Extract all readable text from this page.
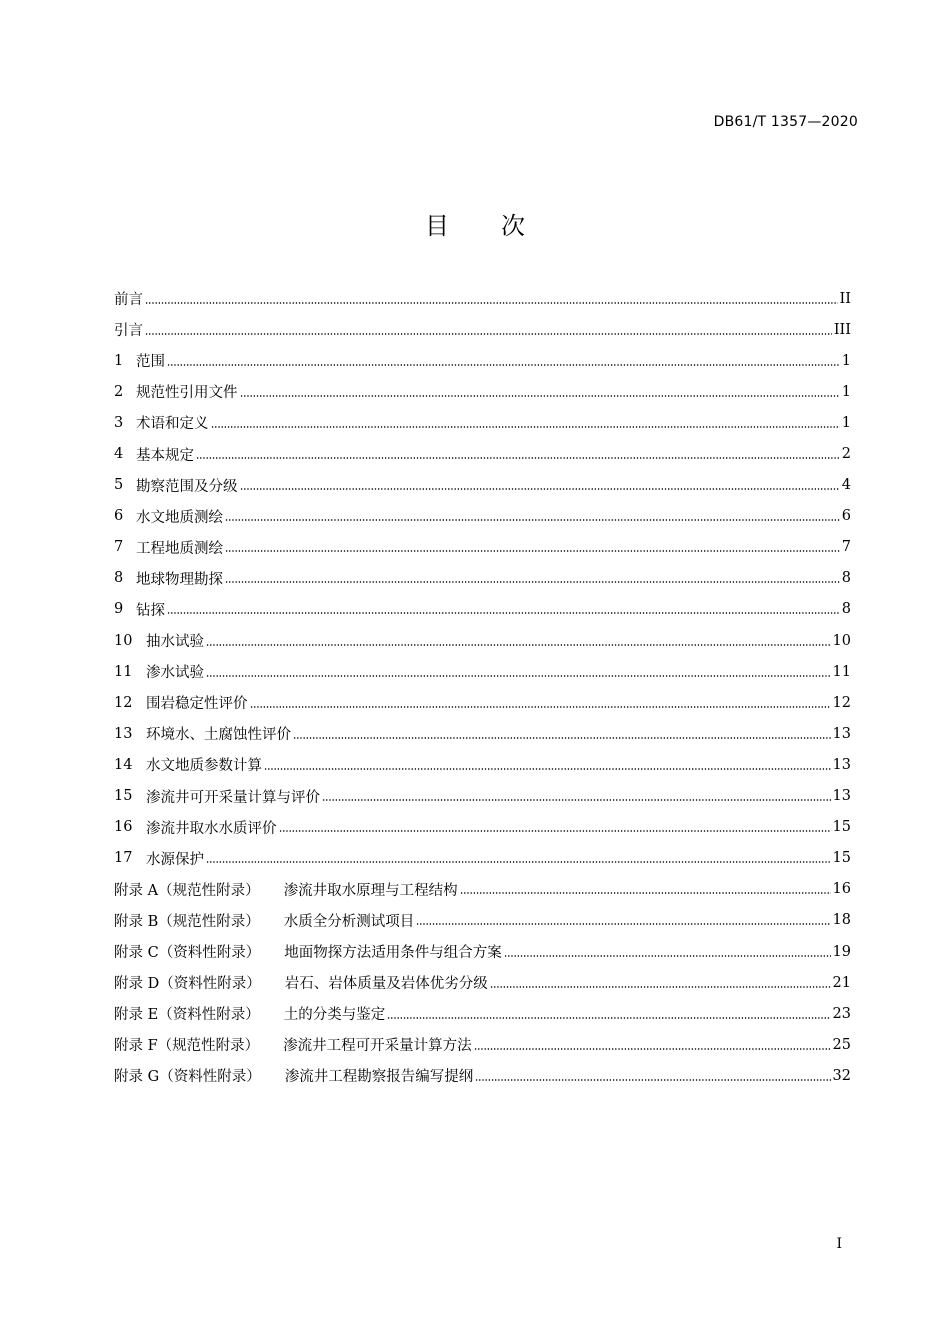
DB61/T 1357—2020
目 次
前言	II
引言	III
1 范围	1
2 规范性引用文件	1
3 术语和定义	1
4 基本规定	2
5 勘察范围及分级	4
6 水文地质测绘	6
7 工程地质测绘	7
8 地球物理勘探	8
9 钻探	8
10 抽水试验	10
11 渗水试验	11
12 围岩稳定性评价	12
13 环境水、土腐蚀性评价	13
14 水文地质参数计算	13
15 渗流井可开采量计算与评价	13
16 渗流井取水水质评价	15
17 水源保护	15
附录 A（规范性附录） 渗流井取水原理与工程结构	16
附录 B（规范性附录） 水质全分析测试项目	18
附录 C（资料性附录） 地面物探方法适用条件与组合方案	19
附录 D（资料性附录） 岩石、岩体质量及岩体优劣分级	21
附录 E（资料性附录） 土的分类与鉴定	23
附录 F（规范性附录） 渗流井工程可开采量计算方法	25
附录 G（资料性附录） 渗流井工程勘察报告编写提纲	32
I
